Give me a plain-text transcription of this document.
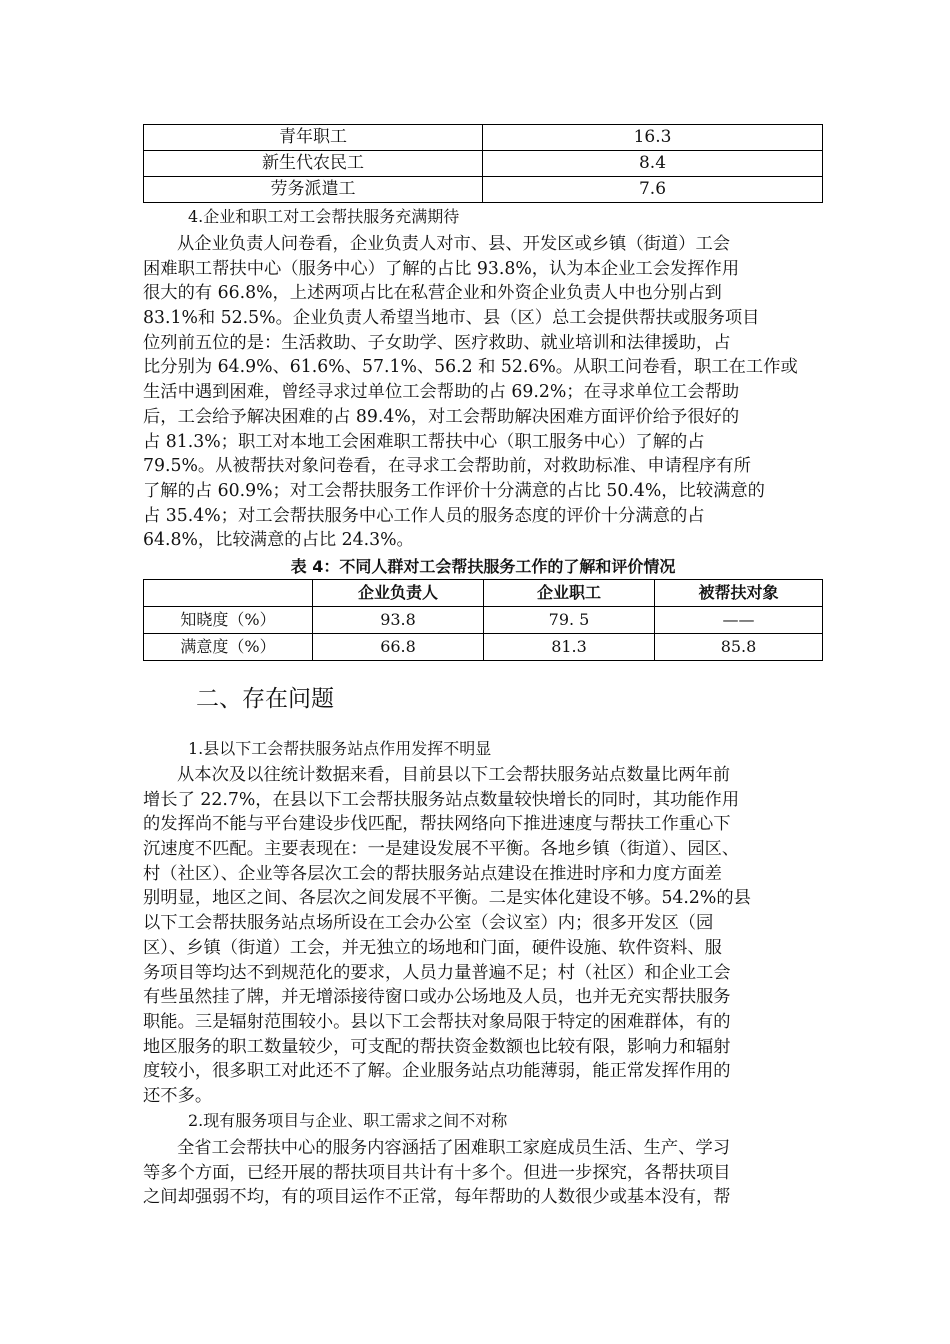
青年职工	16.3
新生代农民工	8.4
劳务派遣工	7.6
4.企业和职工对工会帮扶服务充满期待
从企业负责人问卷看，企业负责人对市、县、开发区或乡镇（街道）工会
困难职工帮扶中心（服务中心）了解的占比 93.8%，认为本企业工会发挥作用
很大的有 66.8%，上述两项占比在私营企业和外资企业负责人中也分别占到
83.1%和 52.5%。企业负责人希望当地市、县（区）总工会提供帮扶或服务项目
位列前五位的是：生活救助、子女助学、医疗救助、就业培训和法律援助，占
比分别为 64.9%、61.6%、57.1%、56.2 和 52.6%。从职工问卷看，职工在工作或
生活中遇到困难，曾经寻求过单位工会帮助的占 69.2%；在寻求单位工会帮助
后，工会给予解决困难的占 89.4%，对工会帮助解决困难方面评价给予很好的
占 81.3%；职工对本地工会困难职工帮扶中心（职工服务中心）了解的占
79.5%。从被帮扶对象问卷看，在寻求工会帮助前，对救助标准、申请程序有所
了解的占 60.9%；对工会帮扶服务工作评价十分满意的占比 50.4%，比较满意的
占 35.4%；对工会帮扶服务中心工作人员的服务态度的评价十分满意的占
64.8%，比较满意的占比 24.3%。
表 4：不同人群对工会帮扶服务工作的了解和评价情况
	企业负责人	企业职工	被帮扶对象
知晓度（%）	93.8	79. 5	——
满意度（%）	66.8	81.3	85.8
二、存在问题
1.县以下工会帮扶服务站点作用发挥不明显
从本次及以往统计数据来看，目前县以下工会帮扶服务站点数量比两年前
增长了 22.7%，在县以下工会帮扶服务站点数量较快增长的同时，其功能作用
的发挥尚不能与平台建设步伐匹配，帮扶网络向下推进速度与帮扶工作重心下
沉速度不匹配。主要表现在：一是建设发展不平衡。各地乡镇（街道）、园区、
村（社区）、企业等各层次工会的帮扶服务站点建设在推进时序和力度方面差
别明显，地区之间、各层次之间发展不平衡。二是实体化建设不够。54.2%的县
以下工会帮扶服务站点场所设在工会办公室（会议室）内；很多开发区（园
区）、乡镇（街道）工会，并无独立的场地和门面，硬件设施、软件资料、服
务项目等均达不到规范化的要求，人员力量普遍不足；村（社区）和企业工会
有些虽然挂了牌，并无增添接待窗口或办公场地及人员，也并无充实帮扶服务
职能。三是辐射范围较小。县以下工会帮扶对象局限于特定的困难群体，有的
地区服务的职工数量较少，可支配的帮扶资金数额也比较有限，影响力和辐射
度较小，很多职工对此还不了解。企业服务站点功能薄弱，能正常发挥作用的
还不多。
2.现有服务项目与企业、职工需求之间不对称
全省工会帮扶中心的服务内容涵括了困难职工家庭成员生活、生产、学习
等多个方面，已经开展的帮扶项目共计有十多个。但进一步探究，各帮扶项目
之间却强弱不均，有的项目运作不正常，每年帮助的人数很少或基本没有，帮
